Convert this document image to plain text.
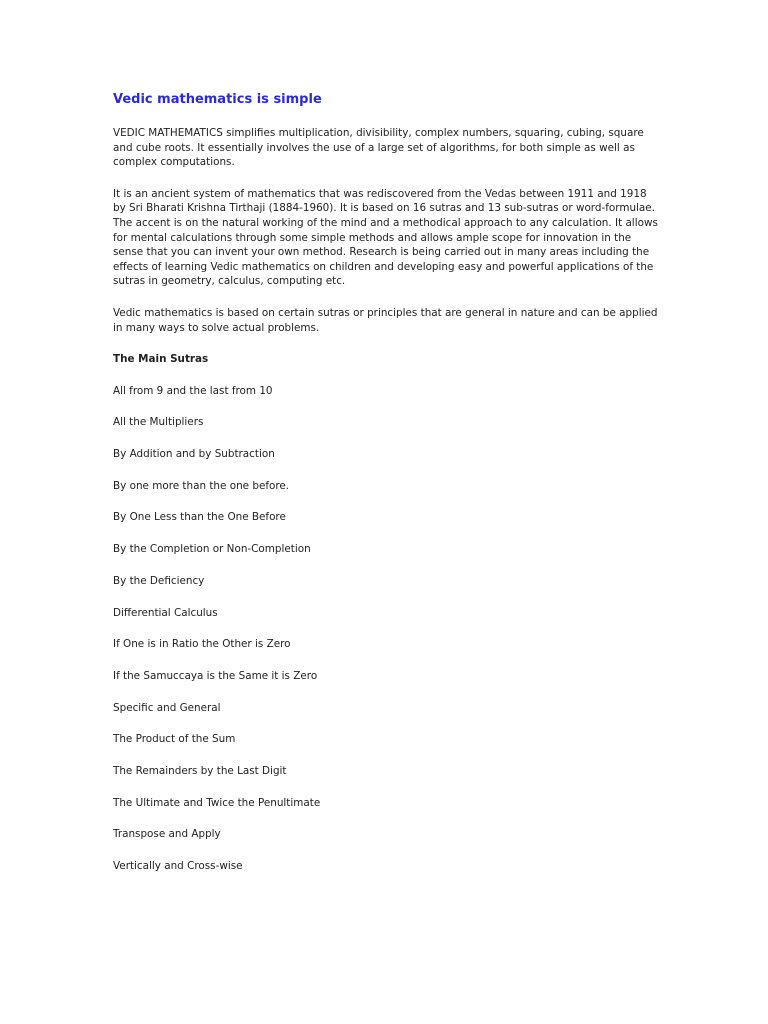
Vedic mathematics is simple

VEDIC MATHEMATICS simplifies multiplication, divisibility, complex numbers, squaring, cubing, square and cube roots. It essentially involves the use of a large set of algorithms, for both simple as well as complex computations.

It is an ancient system of mathematics that was rediscovered from the Vedas between 1911 and 1918 by Sri Bharati Krishna Tirthaji (1884-1960). It is based on 16 sutras and 13 sub-sutras or word-formulae. The accent is on the natural working of the mind and a methodical approach to any calculation. It allows for mental calculations through some simple methods and allows ample scope for innovation in the sense that you can invent your own method. Research is being carried out in many areas including the effects of learning Vedic mathematics on children and developing easy and powerful applications of the sutras in geometry, calculus, computing etc.

Vedic mathematics is based on certain sutras or principles that are general in nature and can be applied in many ways to solve actual problems.

The Main Sutras

All from 9 and the last from 10
All the Multipliers
By Addition and by Subtraction
By one more than the one before.
By One Less than the One Before
By the Completion or Non-Completion
By the Deficiency
Differential Calculus
If One is in Ratio the Other is Zero
If the Samuccaya is the Same it is Zero
Specific and General
The Product of the Sum
The Remainders by the Last Digit
The Ultimate and Twice the Penultimate
Transpose and Apply
Vertically and Cross-wise
